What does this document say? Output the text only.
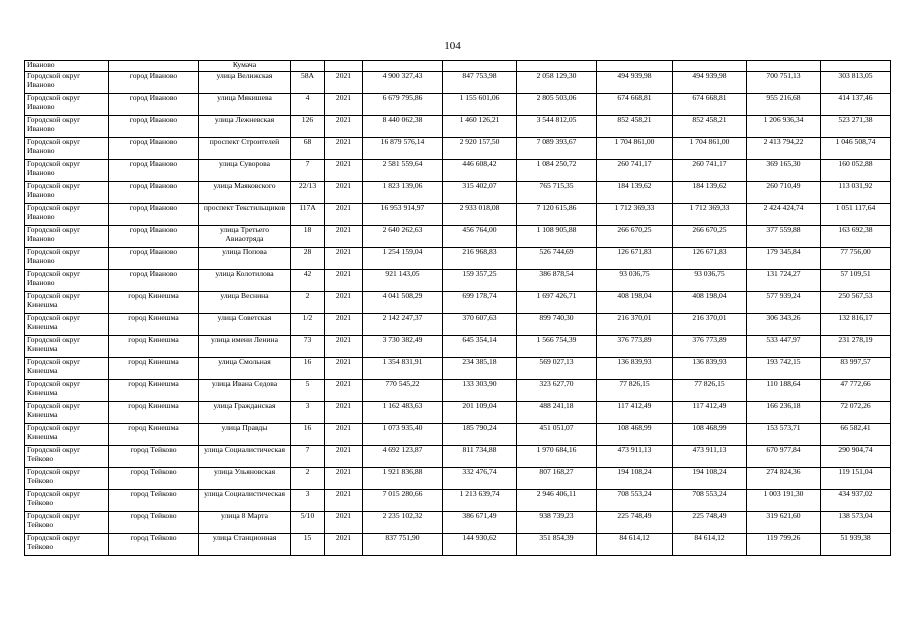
104
Иваново		Кумача									
Городской округ Иваново	город Иваново	улица Велижская	58А	2021	4 900 327,43	847 753,98	2 058 129,30	494 939,98	494 939,98	700 751,13	303 813,05
Городской округ Иваново	город Иваново	улица Мякишева	4	2021	6 679 795,86	1 155 601,06	2 805 503,06	674 668,81	674 668,81	955 216,68	414 137,46
Городской округ Иваново	город Иваново	улица Лежневская	126	2021	8 440 062,38	1 460 126,21	3 544 812,05	852 458,21	852 458,21	1 206 936,34	523 271,38
Городской округ Иваново	город Иваново	проспект Строителей	68	2021	16 879 576,14	2 920 157,50	7 089 393,67	1 704 861,00	1 704 861,00	2 413 794,22	1 046 508,74
Городской округ Иваново	город Иваново	улица Суворова	7	2021	2 581 559,64	446 608,42	1 084 250,72	260 741,17	260 741,17	369 165,30	160 052,88
Городской округ Иваново	город Иваново	улица Маяковского	22/13	2021	1 823 139,06	315 402,07	765 715,35	184 139,62	184 139,62	260 710,49	113 031,92
Городской округ Иваново	город Иваново	проспект Текстильщиков	117А	2021	16 953 914,97	2 933 018,08	7 120 615,86	1 712 369,33	1 712 369,33	2 424 424,74	1 051 117,64
Городской округ Иваново	город Иваново	улица Третьего Авиаотряда	18	2021	2 640 262,63	456 764,00	1 108 905,88	266 670,25	266 670,25	377 559,88	163 692,38
Городской округ Иваново	город Иваново	улица Попова	28	2021	1 254 159,04	216 968,83	526 744,69	126 671,83	126 671,83	179 345,84	77 756,00
Городской округ Иваново	город Иваново	улица Колотилова	42	2021	921 143,05	159 357,25	386 878,54	93 036,75	93 036,75	131 724,27	57 109,51
Городской округ Кинешма	город Кинешма	улица Веснина	2	2021	4 041 508,29	699 178,74	1 697 426,71	408 198,04	408 198,04	577 939,24	250 567,53
Городской округ Кинешма	город Кинешма	улица Советская	1/2	2021	2 142 247,37	370 607,63	899 740,30	216 370,01	216 370,01	306 343,26	132 816,17
Городской округ Кинешма	город Кинешма	улица имени Ленина	73	2021	3 730 382,49	645 354,14	1 566 754,39	376 773,89	376 773,89	533 447,97	231 278,19
Городской округ Кинешма	город Кинешма	улица Смольная	16	2021	1 354 831,91	234 385,18	569 027,13	136 839,93	136 839,93	193 742,15	83 997,57
Городской округ Кинешма	город Кинешма	улица Ивана Седова	5	2021	770 545,22	133 303,90	323 627,70	77 826,15	77 826,15	110 188,64	47 772,66
Городской округ Кинешма	город Кинешма	улица Гражданская	3	2021	1 162 483,63	201 109,04	488 241,18	117 412,49	117 412,49	166 236,18	72 072,26
Городской округ Кинешма	город Кинешма	улица Правды	16	2021	1 073 935,40	185 790,24	451 051,07	108 468,99	108 468,99	153 573,71	66 582,41
Городской округ Тейково	город Тейково	улица Социалистическая	7	2021	4 692 123,87	811 734,88	1 970 684,16	473 911,13	473 911,13	670 977,84	290 904,74
Городской округ Тейково	город Тейково	улица Ульяновская	2	2021	1 921 836,88	332 476,74	807 168,27	194 108,24	194 108,24	274 824,36	119 151,04
Городской округ Тейково	город Тейково	улица Социалистическая	3	2021	7 015 280,66	1 213 639,74	2 946 406,11	708 553,24	708 553,24	1 003 191,30	434 937,02
Городской округ Тейково	город Тейково	улица 8 Марта	5/10	2021	2 235 102,32	386 671,49	938 739,23	225 748,49	225 748,49	319 621,60	138 573,04
Городской округ Тейково	город Тейково	улица Станционная	15	2021	837 751,90	144 930,62	351 854,39	84 614,12	84 614,12	119 799,26	51 939,38
